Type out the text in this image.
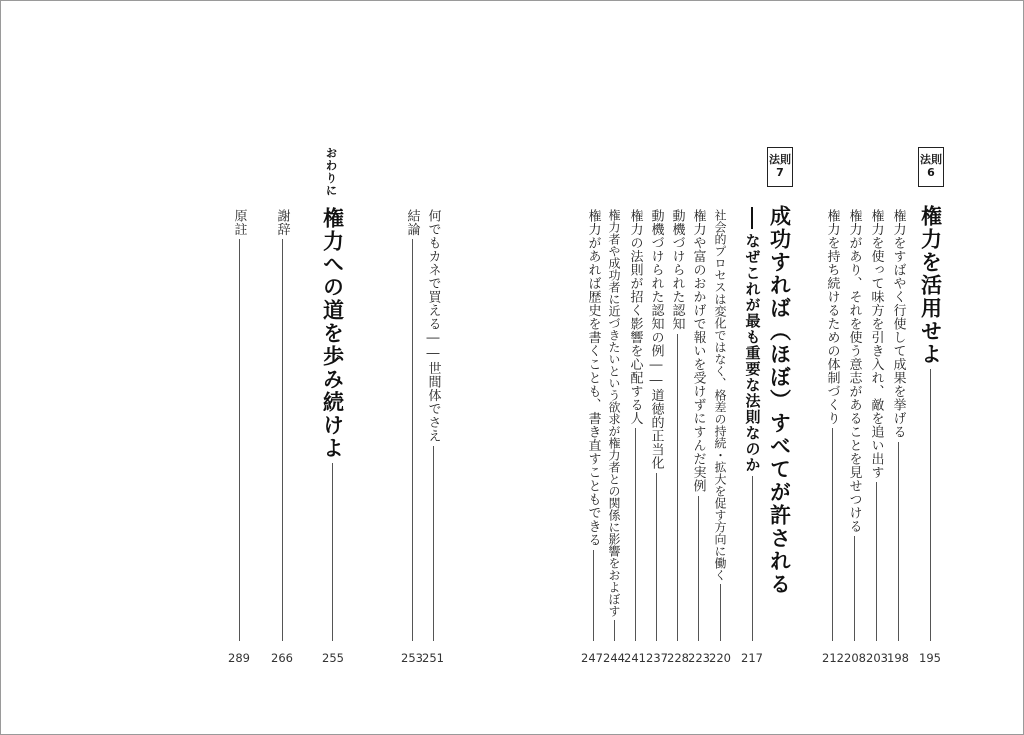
法則
6
権力を活用せよ
195
権力をすばやく行使して成果を挙げる
198
権力を使って味方を引き入れ、敵を追い出す
203
権力があり、それを使う意志があることを見せつける
208
権力を持ち続けるための体制づくり
212
法則
7
成功すれば（ほぼ）すべてが許される
なぜこれが最も重要な法則なのか
217
社会的プロセスは変化ではなく、格差の持続・拡大を促す方向に働く
220
権力や富のおかげで報いを受けずにすんだ実例
223
動機づけられた認知
228
動機づけられた認知の例――道徳的正当化
237
権力の法則が招く影響を心配する人
241
権力者や成功者に近づきたいという欲求が権力者との関係に影響をおよぼす
244
権力があれば歴史を書くことも、書き直すこともできる
247
何でもカネで買える――世間体でさえ
251
結論
253
おわりに
権力への道を歩み続けよ
255
謝辞
266
原註
289
